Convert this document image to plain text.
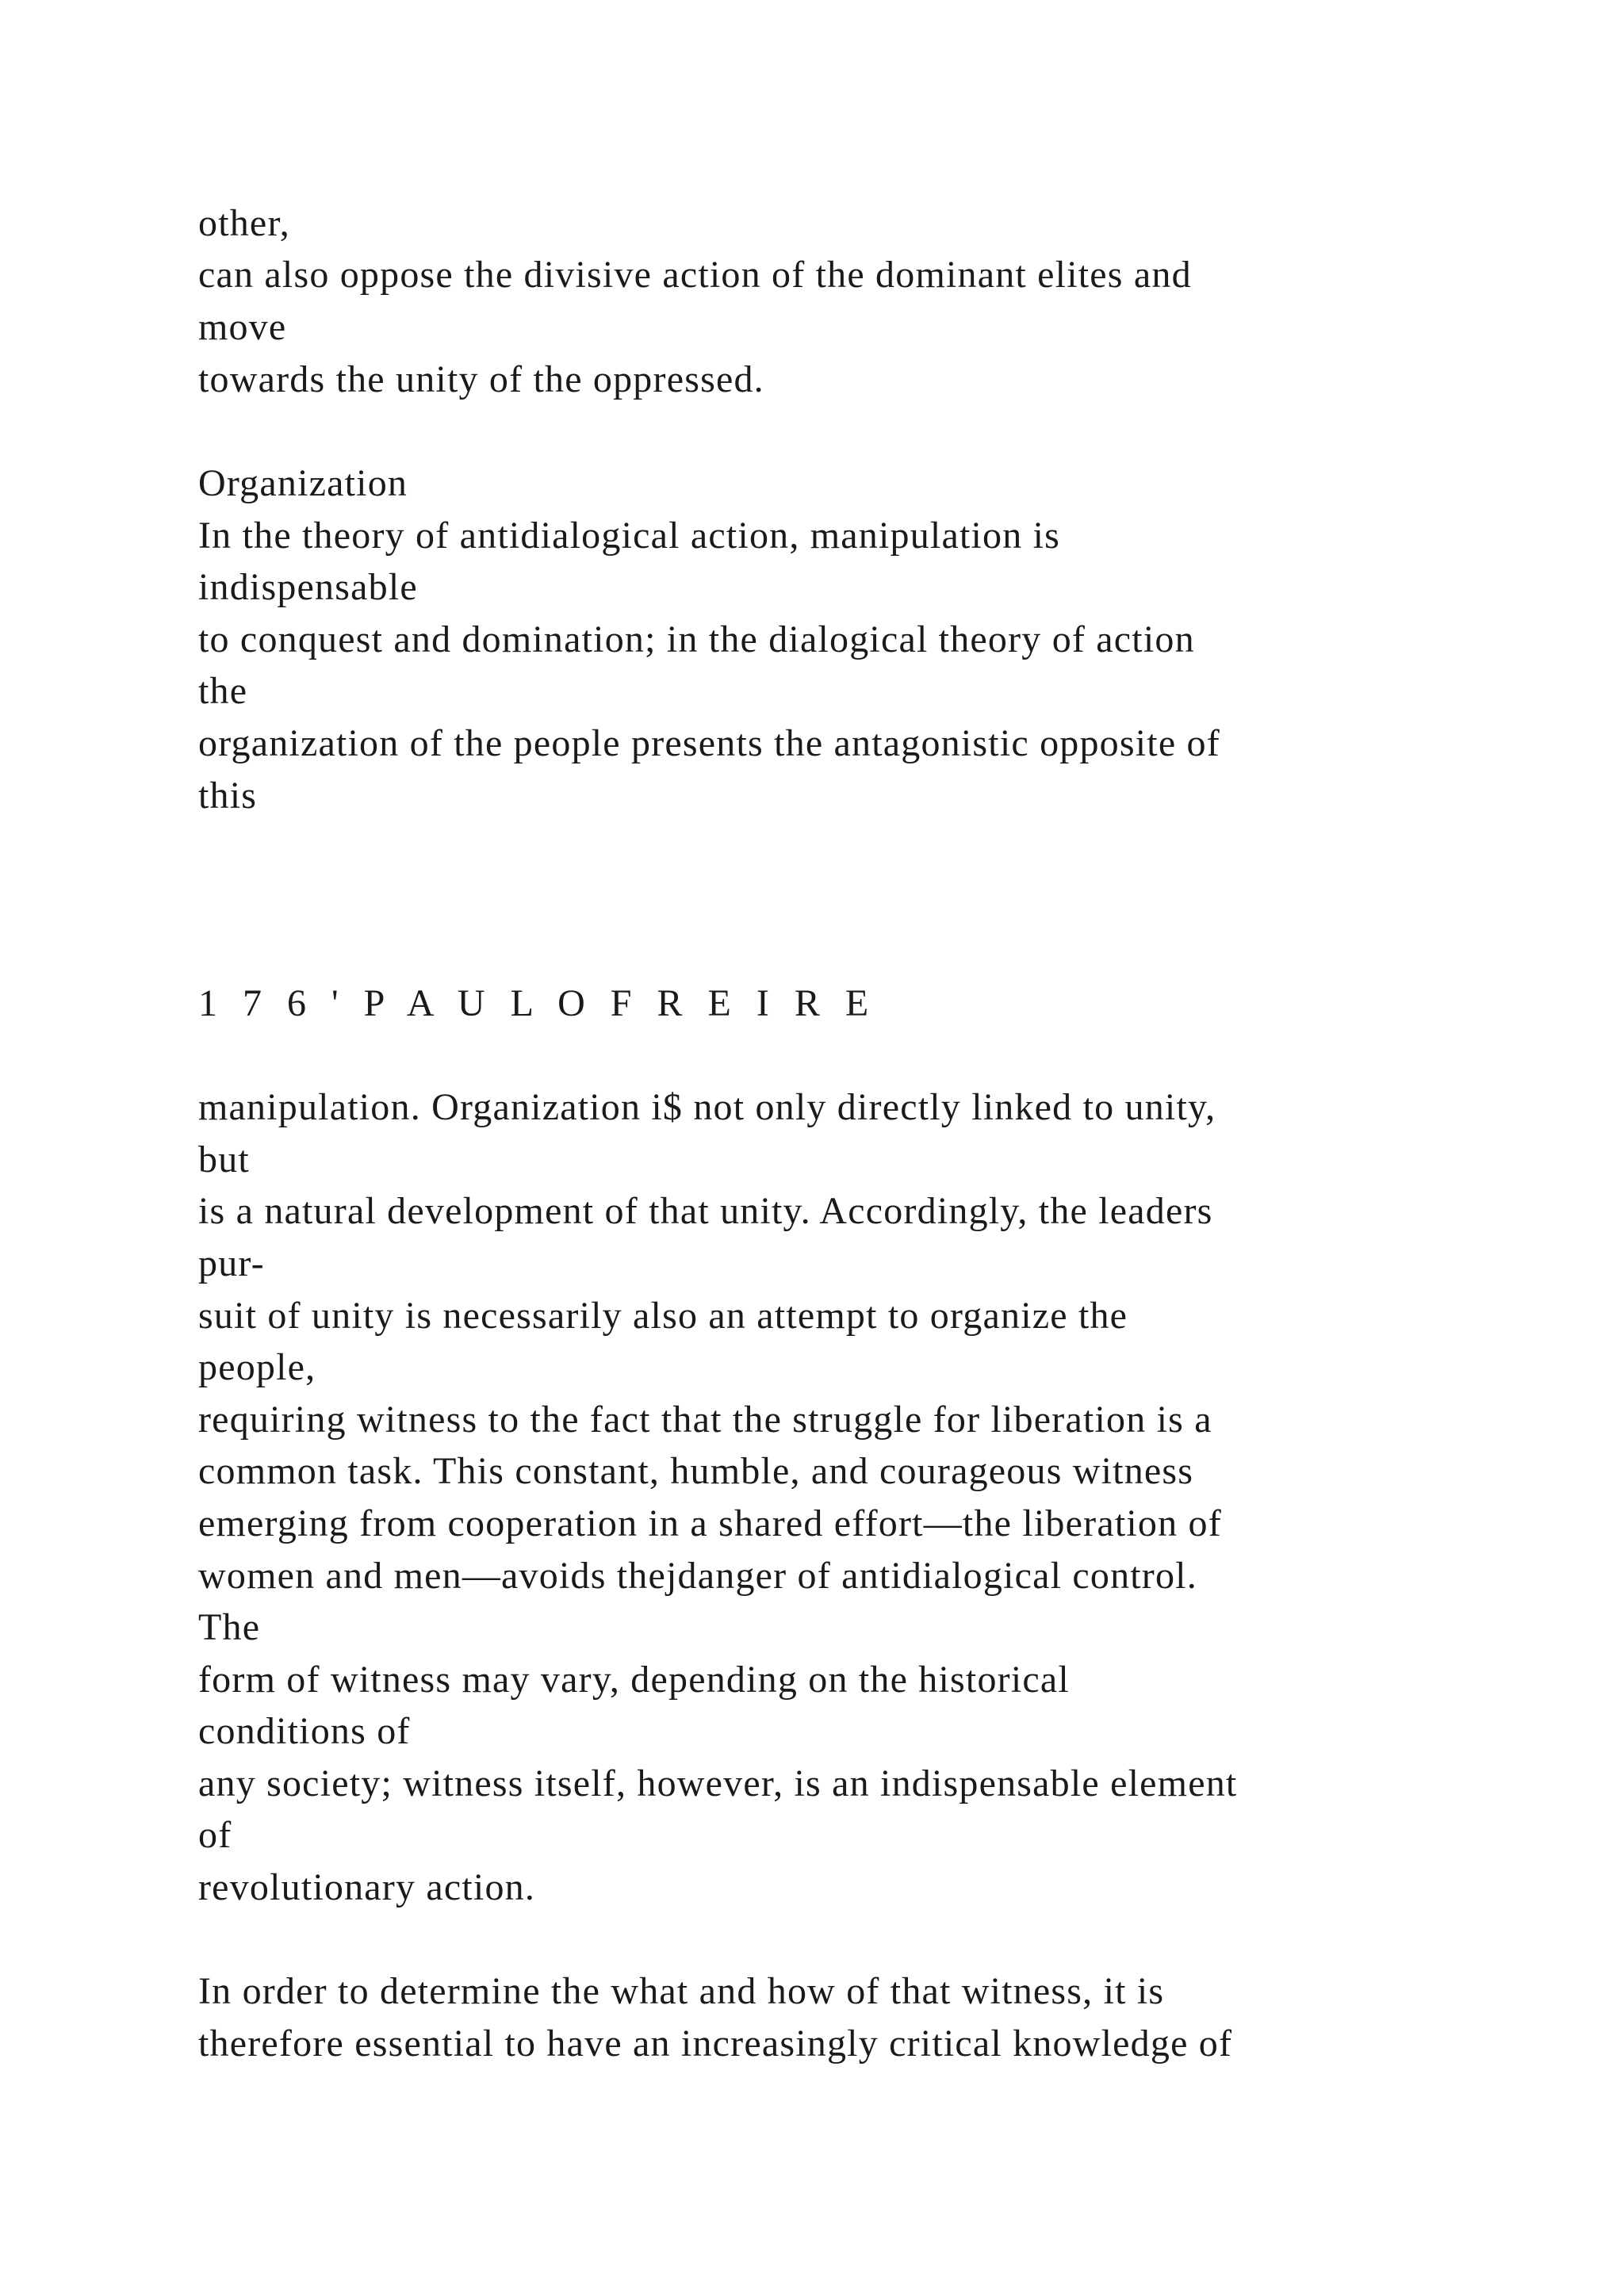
other,

can also oppose the divisive action of the dominant elites and

move

towards the unity of the oppressed.

Organization

In the theory of antidialogical action, manipulation is

indispensable

to conquest and domination; in the dialogical theory of action

the

organization of the people presents the antagonistic opposite of

this

1 7 6 ' P A U L O F R E I R E

manipulation. Organization i$ not only directly linked to unity,

but

is a natural development of that unity. Accordingly, the leaders

pur-

suit of unity is necessarily also an attempt to organize the

people,

requiring witness to the fact that the struggle for liberation is a

common task. This constant, humble, and courageous witness

emerging from cooperation in a shared effort—the liberation of

women and men—avoids thejdanger of antidialogical control.

The

form of witness may vary, depending on the historical

conditions of

any society; witness itself, however, is an indispensable element

of

revolutionary action.

In order to determine the what and how of that witness, it is

therefore essential to have an increasingly critical knowledge of
